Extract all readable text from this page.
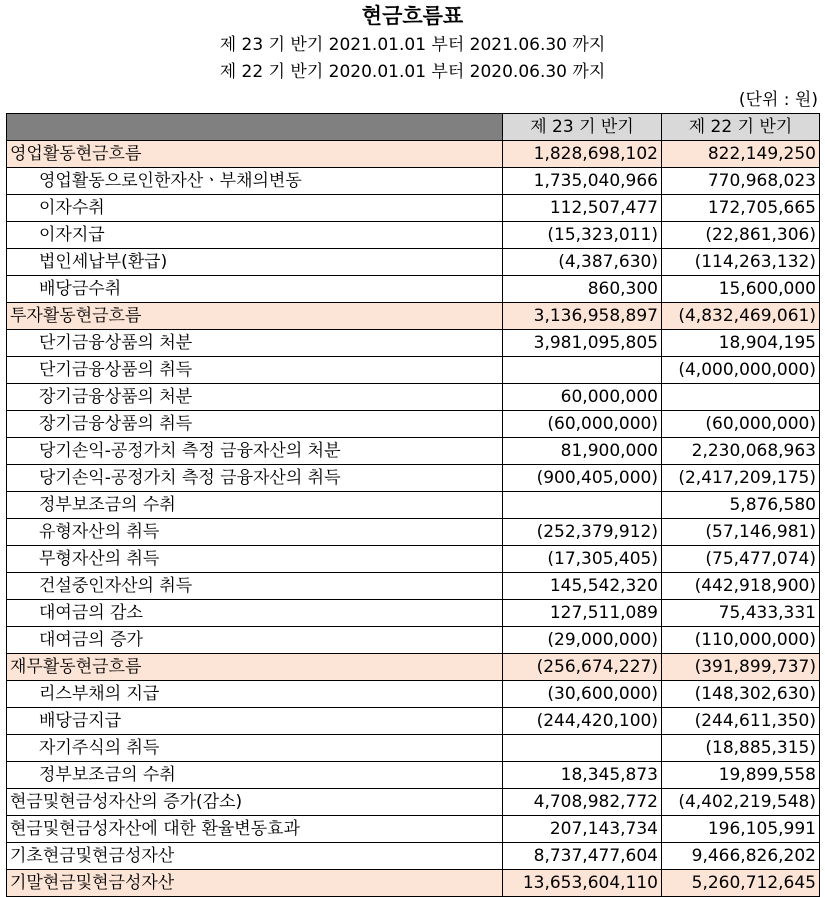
현금흐름표
제 23 기 반기 2021.01.01 부터 2021.06.30 까지
제 22 기 반기 2020.01.01 부터 2020.06.30 까지
(단위 : 원)
	제 23 기 반기	제 22 기 반기
영업활동현금흐름	1,828,698,102	822,149,250
영업활동으로인한자산ㆍ부채의변동	1,735,040,966	770,968,023
이자수취	112,507,477	172,705,665
이자지급	(15,323,011)	(22,861,306)
법인세납부(환급)	(4,387,630)	(114,263,132)
배당금수취	860,300	15,600,000
투자활동현금흐름	3,136,958,897	(4,832,469,061)
단기금융상품의 처분	3,981,095,805	18,904,195
단기금융상품의 취득		(4,000,000,000)
장기금융상품의 처분	60,000,000	
장기금융상품의 취득	(60,000,000)	(60,000,000)
당기손익-공정가치 측정 금융자산의 처분	81,900,000	2,230,068,963
당기손익-공정가치 측정 금융자산의 취득	(900,405,000)	(2,417,209,175)
정부보조금의 수취		5,876,580
유형자산의 취득	(252,379,912)	(57,146,981)
무형자산의 취득	(17,305,405)	(75,477,074)
건설중인자산의 취득	145,542,320	(442,918,900)
대여금의 감소	127,511,089	75,433,331
대여금의 증가	(29,000,000)	(110,000,000)
재무활동현금흐름	(256,674,227)	(391,899,737)
리스부채의 지급	(30,600,000)	(148,302,630)
배당금지급	(244,420,100)	(244,611,350)
자기주식의 취득		(18,885,315)
정부보조금의 수취	18,345,873	19,899,558
현금및현금성자산의 증가(감소)	4,708,982,772	(4,402,219,548)
현금및현금성자산에 대한 환율변동효과	207,143,734	196,105,991
기초현금및현금성자산	8,737,477,604	9,466,826,202
기말현금및현금성자산	13,653,604,110	5,260,712,645
